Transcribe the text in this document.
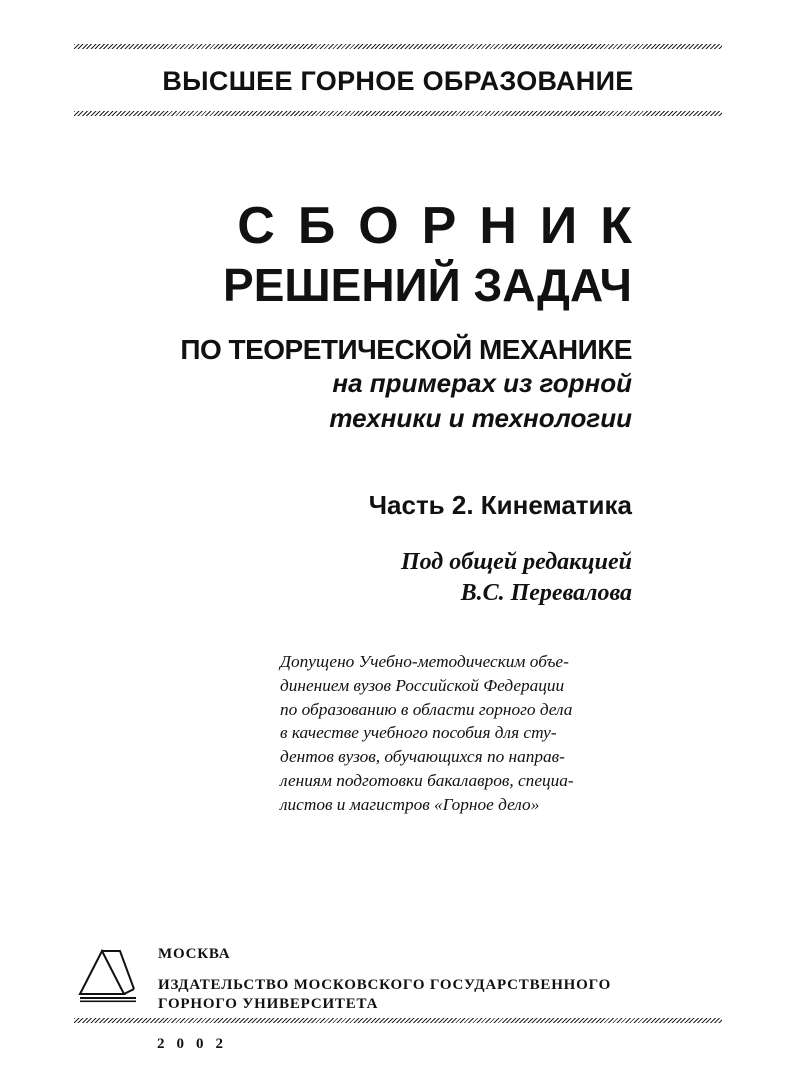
ВЫСШЕЕ ГОРНОЕ ОБРАЗОВАНИЕ
СБОРНИК
РЕШЕНИЙ ЗАДАЧ
ПО ТЕОРЕТИЧЕСКОЙ МЕХАНИКЕ
на примерах из горной
техники и технологии
Часть 2. Кинематика
Под общей редакцией
В.С. Перевалова
Допущено Учебно-методическим объе-
динением вузов Российской Федерации
по образованию в области горного дела
в качестве учебного пособия для сту-
дентов вузов, обучающихся по направ-
лениям подготовки бакалавров, специа-
листов и магистров «Горное дело»
МОСКВА
ИЗДАТЕЛЬСТВО МОСКОВСКОГО ГОСУДАРСТВЕННОГО
ГОРНОГО УНИВЕРСИТЕТА
2002
